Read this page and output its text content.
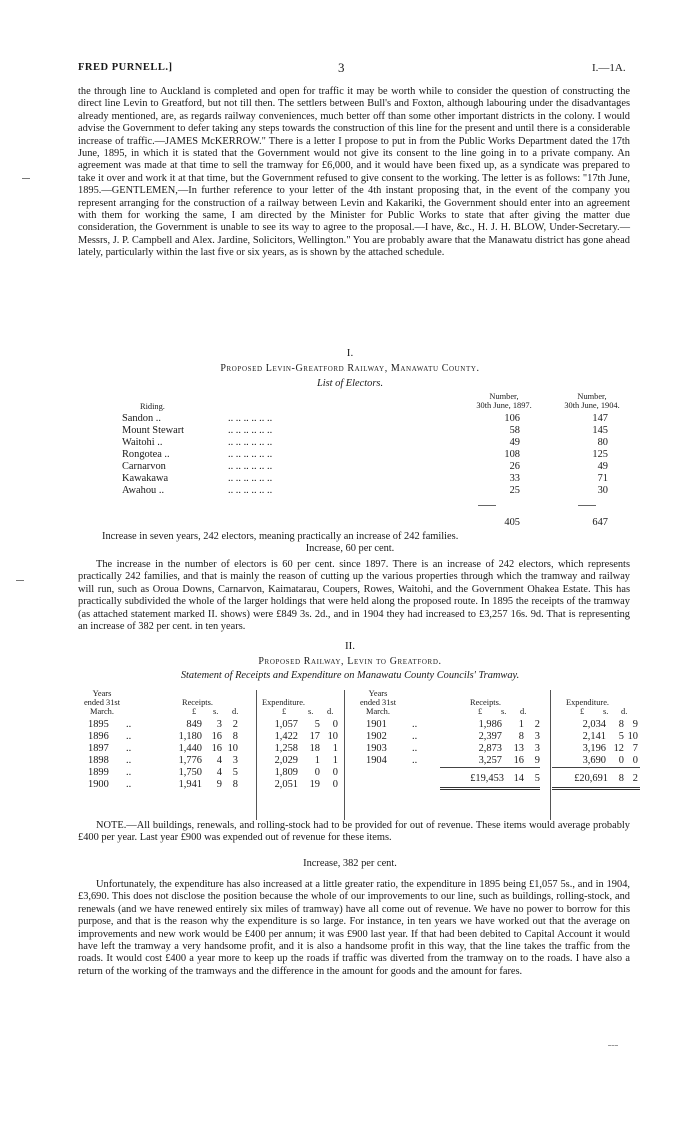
FRED PURNELL.]	3	I.—1A.

the through line to Auckland is completed and open for traffic it may be worth while to consider the question of constructing the direct line Levin to Greatford, but not till then. The settlers between Bull's and Foxton, although labouring under the disadvantages already mentioned, are, as regards railway conveniences, much better off than some other important districts in the colony. I would advise the Government to defer taking any steps towards the construction of this line for the present and until there is a considerable increase of traffic.—JAMES McKERROW." There is a letter I propose to put in from the Public Works Department dated the 17th June, 1895, in which it is stated that the Government would not give its consent to the line going in to a private company. An agreement was made at that time to sell the tramway for £6,000, and it would have been fixed up, as a syndicate was prepared to take it over and work it at that time, but the Government refused to give consent to the working. The letter is as follows: "17th June, 1895.—GENTLEMEN,—In further reference to your letter of the 4th instant proposing that, in the event of the company you represent arranging for the construction of a railway between Levin and Kakariki, the Government should enter into an agreement with them for working the same, I am directed by the Minister for Public Works to state that after giving the matter due consideration, the Government is unable to see its way to agree to the proposal.—I have, &c., H. J. H. BLOW, Under-Secretary.—Messrs, J. P. Campbell and Alex. Jardine, Solicitors, Wellington." You are probably aware that the Manawatu district has gone ahead lately, particularly within the last five or six years, as is shown by the attached schedule.

I.
Proposed Levin-Greatford Railway, Manawatu County.
List of Electors.
Number,
30th June, 1897.
Number,
30th June, 1904.
Riding.
Sandon ..	.. .. .. .. .. ..	106	147
Mount Stewart	.. .. .. .. .. ..	58	145
Waitohi ..	.. .. .. .. .. ..	49	80
Rongotea ..	.. .. .. .. .. ..	108	125
Carnarvon	.. .. .. .. .. ..	26	49
Kawakawa	.. .. .. .. .. ..	33	71
Awahou ..	.. .. .. .. .. ..	25	30
405	647
Increase in seven years, 242 electors, meaning practically an increase of 242 families.
Increase, 60 per cent.

The increase in the number of electors is 60 per cent. since 1897. There is an increase of 242 electors, which represents practically 242 families, and that is mainly the reason of cutting up the various properties through which the tramway and railway will run, such as Oroua Downs, Carnarvon, Kaimatarau, Coupers, Rowes, Waitohi, and the Government Ohakea Estate. This has practically subdivided the whole of the larger holdings that were held along the proposed route. In 1895 the receipts of the tramway (as attached statement marked II. shows) were £849 3s. 2d., and in 1904 they had increased to £3,257 16s. 9d. That is representing an increase of 382 per cent. in ten years.

II.
Proposed Railway, Levin to Greatford.
Statement of Receipts and Expenditure on Manawatu County Councils' Tramway.
Years
ended 31st
March.
Receipts.	Expenditure.
Years
ended 31st
March.
Receipts.	Expenditure.
£ s. d.	£	s. d.	£ s. d.	£ s. d.
1895	..	849	3	2	1,057	5	0
1896	..	1,180 16	8	1,422	17 10
1897	..	1,440 16 10	1,258	18	1
1898	..	1,776	4	3	2,029	1	1
1899	..	1,750	4	5	1,809	0	0
1900	..	1,941	9	8	2,051	19	0
1901	..	1,986	1	2	2,034	8 9
1902	..	2,397	8	3	2,141	5 10
1903	..	2,873	13	3	3,196 12 7
1904	..	3,257	16	9	3,690	0 0
£19,453 14	5	£20,691	8 2

NOTE.—All buildings, renewals, and rolling-stock had to be provided for out of revenue. These items would average probably £400 per year. Last year £900 was expended out of revenue for these items.

Increase, 382 per cent.

Unfortunately, the expenditure has also increased at a little greater ratio, the expenditure in 1895 being £1,057 5s., and in 1904, £3,690. This does not disclose the position because the whole of our improvements to our line, such as buildings, rolling-stock, and renewals (and we have renewed entirely six miles of tramway) have all come out of revenue. We have no power to borrow for this purpose, and that is the reason why the expenditure is so large. For instance, in ten years we have worked out that the average on improvements and new work would be £400 per annum; it was £900 last year. If that had been debited to Capital Account it would have left the tramway a very handsome profit, and it is also a handsome profit in this way, that the line takes the traffic from the roads. It would cost £400 a year more to keep up the roads if traffic was diverted from the tramway on to the roads. I have also a return of the working of the tramways and the difference in the amount for goods and the amount for fares.
